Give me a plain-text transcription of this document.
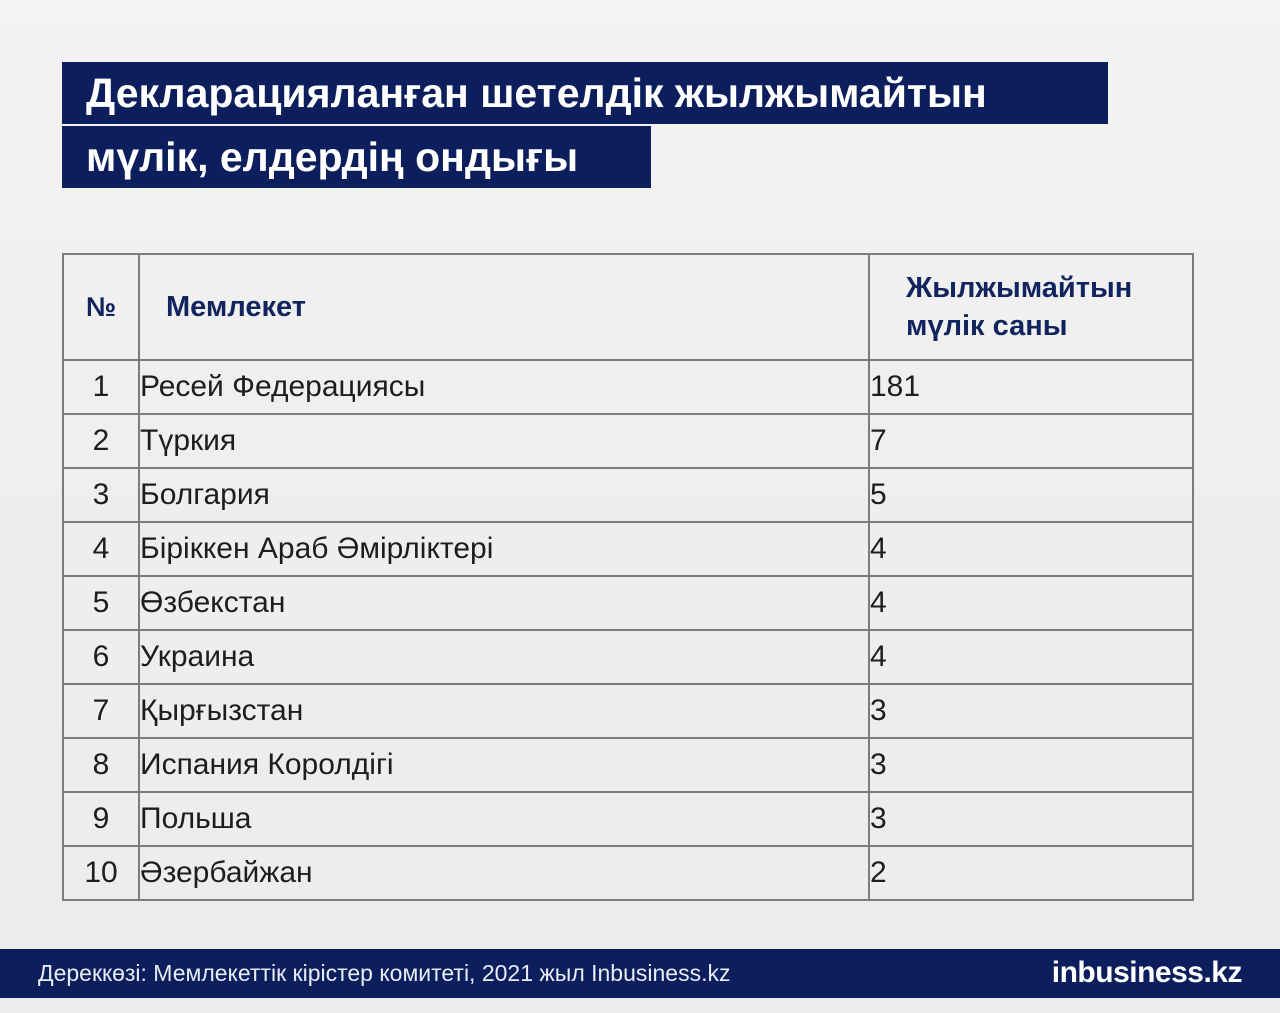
Декларацияланған шетелдік жылжымайтын
мүлік, елдердің ондығы
№	Мемлекет	Жылжымайтын
мүлік саны

1	Ресей Федерациясы	181
2	Түркия	7
3	Болгария	5
4	Біріккен Араб Әмірліктері	4
5	Өзбекстан	4
6	Украина	4
7	Қырғызстан	3
8	Испания Королдігі	3
9	Польша	3
10	Әзербайжан	2
Дереккөзі: Мемлекеттік кірістер комитеті, 2021 жыл Inbusiness.kz	inbusiness.kz
